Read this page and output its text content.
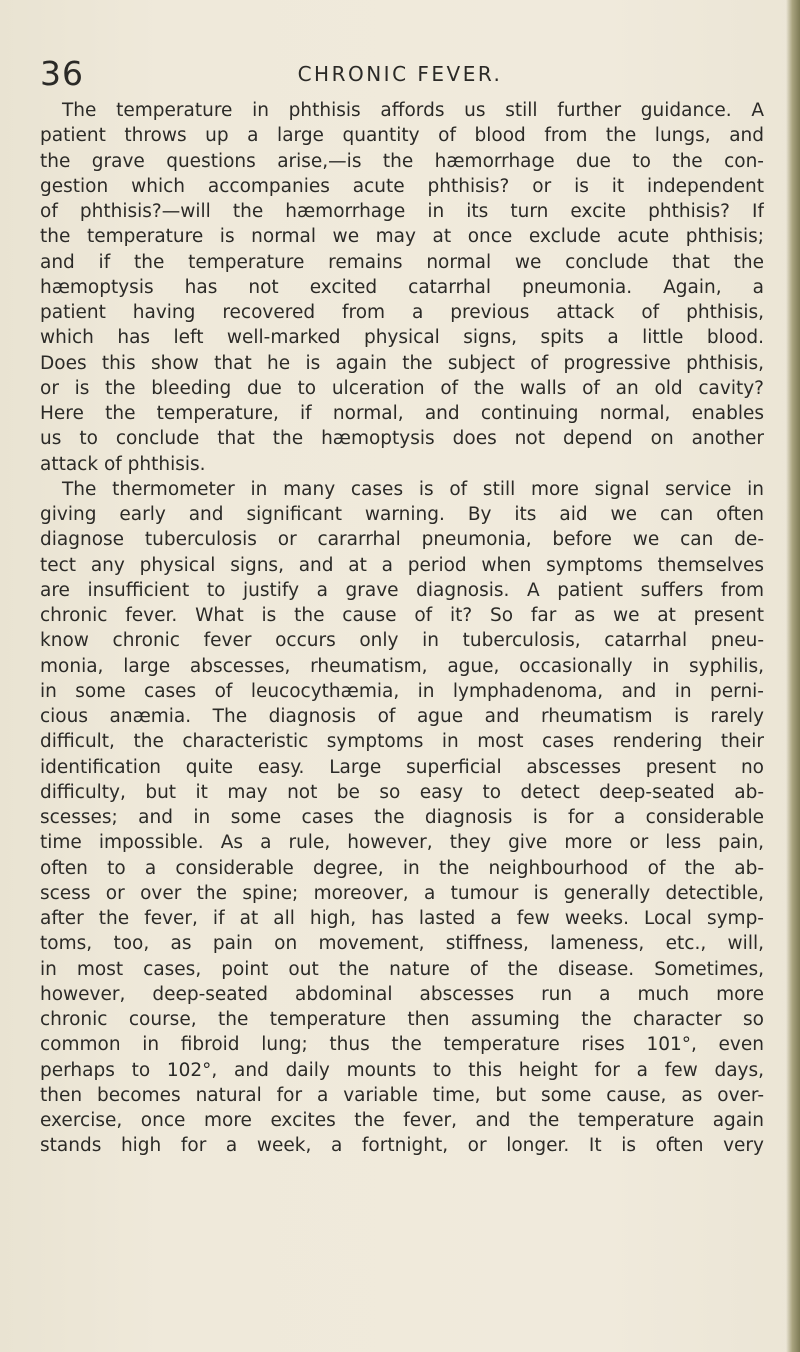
36	CHRONIC FEVER.
The temperature in phthisis affords us still further guidance. A
patient throws up a large quantity of blood from the lungs, and
the grave questions arise,—is the hæmorrhage due to the con-
gestion which accompanies acute phthisis? or is it independent
of phthisis?—will the hæmorrhage in its turn excite phthisis? If
the temperature is normal we may at once exclude acute phthisis;
and if the temperature remains normal we conclude that the
hæmoptysis has not excited catarrhal pneumonia. Again, a
patient having recovered from a previous attack of phthisis,
which has left well-marked physical signs, spits a little blood.
Does this show that he is again the subject of progressive phthisis,
or is the bleeding due to ulceration of the walls of an old cavity?
Here the temperature, if normal, and continuing normal, enables
us to conclude that the hæmoptysis does not depend on another
attack of phthisis.
The thermometer in many cases is of still more signal service in
giving early and significant warning. By its aid we can often
diagnose tuberculosis or cararrhal pneumonia, before we can de-
tect any physical signs, and at a period when symptoms themselves
are insufficient to justify a grave diagnosis. A patient suffers from
chronic fever. What is the cause of it? So far as we at present
know chronic fever occurs only in tuberculosis, catarrhal pneu-
monia, large abscesses, rheumatism, ague, occasionally in syphilis,
in some cases of leucocythæmia, in lymphadenoma, and in perni-
cious anæmia. The diagnosis of ague and rheumatism is rarely
difficult, the characteristic symptoms in most cases rendering their
identification quite easy. Large superficial abscesses present no
difficulty, but it may not be so easy to detect deep-seated ab-
scesses; and in some cases the diagnosis is for a considerable
time impossible. As a rule, however, they give more or less pain,
often to a considerable degree, in the neighbourhood of the ab-
scess or over the spine; moreover, a tumour is generally detectible,
after the fever, if at all high, has lasted a few weeks. Local symp-
toms, too, as pain on movement, stiffness, lameness, etc., will,
in most cases, point out the nature of the disease. Sometimes,
however, deep-seated abdominal abscesses run a much more
chronic course, the temperature then assuming the character so
common in fibroid lung; thus the temperature rises 101°, even
perhaps to 102°, and daily mounts to this height for a few days,
then becomes natural for a variable time, but some cause, as over-
exercise, once more excites the fever, and the temperature again
stands high for a week, a fortnight, or longer. It is often very
